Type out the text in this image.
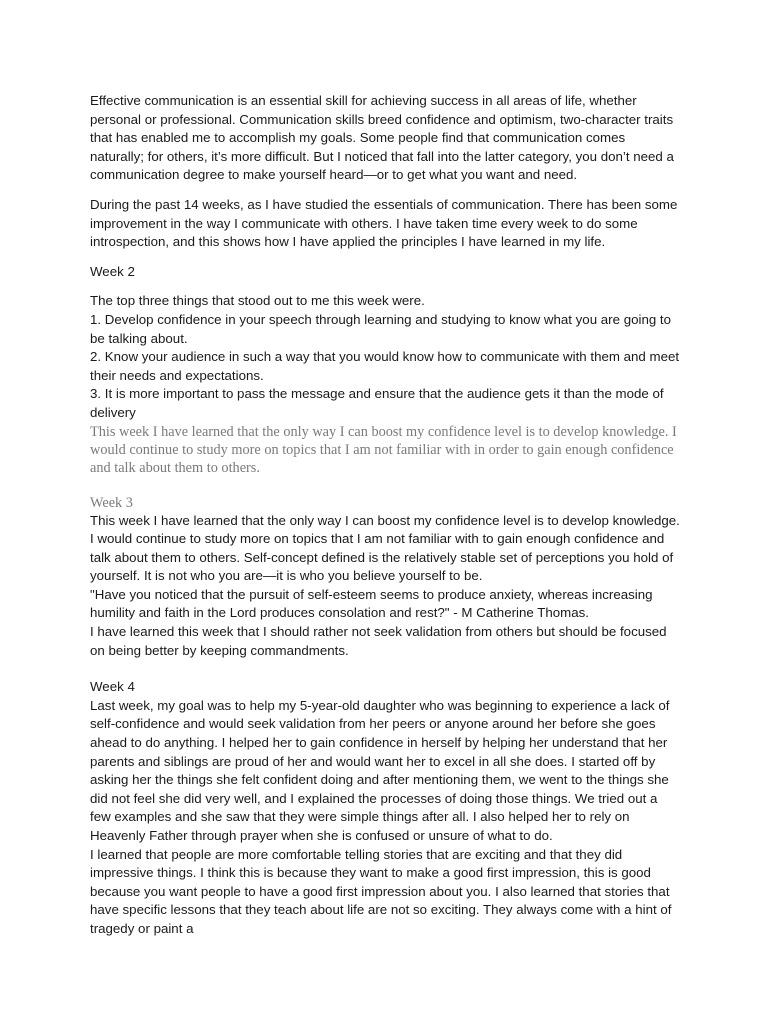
Effective communication is an essential skill for achieving success in all areas of life, whether personal or professional. Communication skills breed confidence and optimism, two-character traits that has enabled me to accomplish my goals. Some people find that communication comes naturally; for others, it’s more difficult. But I noticed that fall into the latter category, you don’t need a communication degree to make yourself heard—or to get what you want and need.

During the past 14 weeks, as I have studied the essentials of communication. There has been some improvement in the way I communicate with others. I have taken time every week to do some introspection, and this shows how I have applied the principles I have learned in my life.

Week 2

The top three things that stood out to me this week were.

1. Develop confidence in your speech through learning and studying to know what you are going to be talking about.

2. Know your audience in such a way that you would know how to communicate with them and meet their needs and expectations.

3. It is more important to pass the message and ensure that the audience gets it than the mode of delivery

This week I have learned that the only way I can boost my confidence level is to develop knowledge. I would continue to study more on topics that I am not familiar with in order to gain enough confidence and talk about them to others.

Week 3

This week I have learned that the only way I can boost my confidence level is to develop knowledge. I would continue to study more on topics that I am not familiar with to gain enough confidence and talk about them to others. Self-concept defined is the relatively stable set of perceptions you hold of yourself. It is not who you are—it is who you believe yourself to be.

"Have you noticed that the pursuit of self-esteem seems to produce anxiety, whereas increasing humility and faith in the Lord produces consolation and rest?" - M Catherine Thomas.

I have learned this week that I should rather not seek validation from others but should be focused on being better by keeping commandments.

Week 4

Last week, my goal was to help my 5-year-old daughter who was beginning to experience a lack of self-confidence and would seek validation from her peers or anyone around her before she goes ahead to do anything. I helped her to gain confidence in herself by helping her understand that her parents and siblings are proud of her and would want her to excel in all she does. I started off by asking her the things she felt confident doing and after mentioning them, we went to the things she did not feel she did very well, and I explained the processes of doing those things. We tried out a few examples and she saw that they were simple things after all. I also helped her to rely on Heavenly Father through prayer when she is confused or unsure of what to do.

I learned that people are more comfortable telling stories that are exciting and that they did impressive things. I think this is because they want to make a good first impression, this is good because you want people to have a good first impression about you. I also learned that stories that have specific lessons that they teach about life are not so exciting. They always come with a hint of tragedy or paint a
